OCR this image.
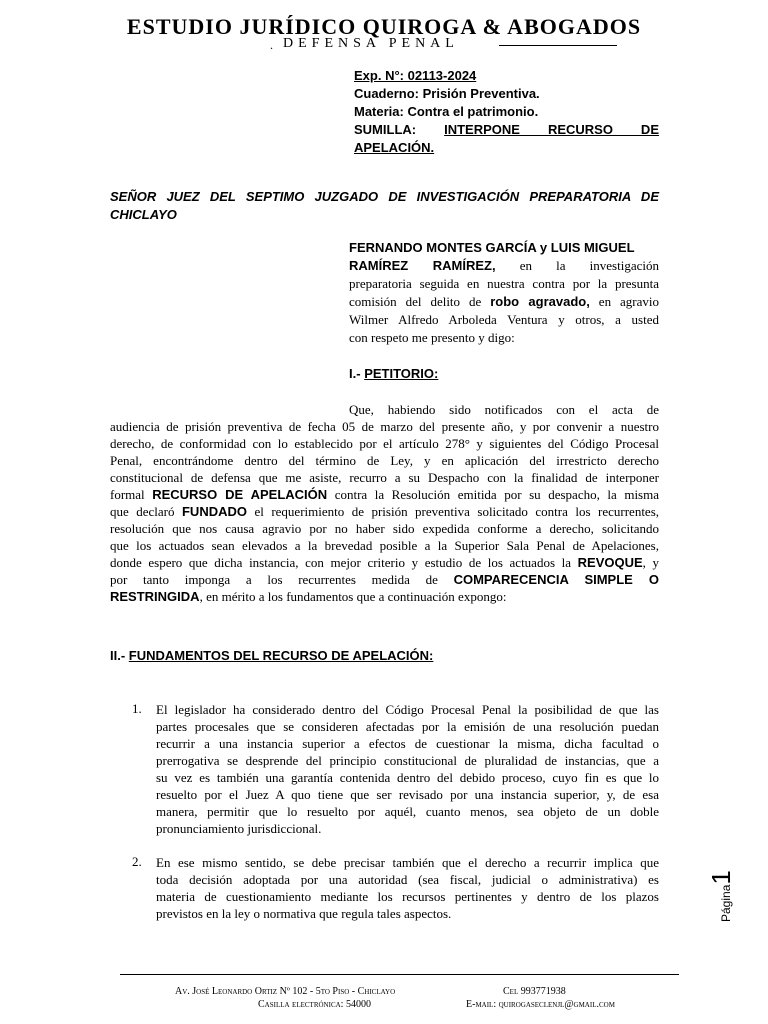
ESTUDIO JURÍDICO QUIROGA & ABOGADOS
. DEFENSA PENAL
Exp. N°: 02113-2024
Cuaderno: Prisión Preventiva.
Materia: Contra el patrimonio.
SUMILLA: INTERPONE RECURSO DE
APELACIÓN.
SEÑOR JUEZ DEL SEPTIMO JUZGADO DE INVESTIGACIÓN PREPARATORIA DE
CHICLAYO
FERNANDO MONTES GARCÍA y LUIS MIGUEL
RAMÍREZ RAMÍREZ, en la investigación
preparatoria seguida en nuestra contra por la presunta
comisión del delito de robo agravado, en agravio
Wilmer Alfredo Arboleda Ventura y otros, a usted
con respeto me presento y digo:
I.- PETITORIO:
Que, habiendo sido notificados con el acta de
audiencia de prisión preventiva de fecha 05 de marzo del presente año, y por convenir a nuestro
derecho, de conformidad con lo establecido por el artículo 278° y siguientes del Código Procesal
Penal, encontrándome dentro del término de Ley, y en aplicación del irrestricto derecho
constitucional de defensa que me asiste, recurro a su Despacho con la finalidad de interponer
formal RECURSO DE APELACIÓN contra la Resolución emitida por su despacho, la misma
que declaró FUNDADO el requerimiento de prisión preventiva solicitado contra los recurrentes,
resolución que nos causa agravio por no haber sido expedida conforme a derecho, solicitando
que los actuados sean elevados a la brevedad posible a la Superior Sala Penal de Apelaciones,
donde espero que dicha instancia, con mejor criterio y estudio de los actuados la REVOQUE, y
por tanto imponga a los recurrentes medida de COMPARECENCIA SIMPLE O
RESTRINGIDA, en mérito a los fundamentos que a continuación expongo:
II.- FUNDAMENTOS DEL RECURSO DE APELACIÓN:
1. El legislador ha considerado dentro del Código Procesal Penal la posibilidad de que las
partes procesales que se consideren afectadas por la emisión de una resolución puedan
recurrir a una instancia superior a efectos de cuestionar la misma, dicha facultad o
prerrogativa se desprende del principio constitucional de pluralidad de instancias, que a
su vez es también una garantía contenida dentro del debido proceso, cuyo fin es que lo
resuelto por el Juez A quo tiene que ser revisado por una instancia superior, y, de esa
manera, permitir que lo resuelto por aquél, cuanto menos, sea objeto de un doble
pronunciamiento jurisdiccional.
2. En ese mismo sentido, se debe precisar también que el derecho a recurrir implica que
toda decisión adoptada por una autoridad (sea fiscal, judicial o administrativa) es
materia de cuestionamiento mediante los recursos pertinentes y dentro de los plazos
previstos en la ley o normativa que regula tales aspectos.	Página1
Av. José Leonardo Ortiz Nº 102 - 5to Piso - Chiclayo	Cel 993771938
Casilla electrónica: 54000	E-mail: quirogaseclenjl@gmail.com
